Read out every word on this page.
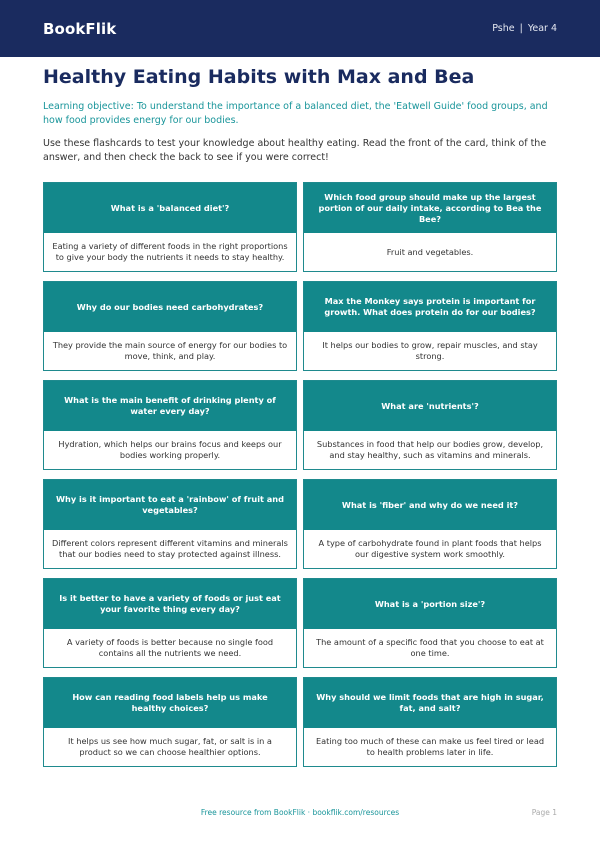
BookFlik	Pshe | Year 4
Healthy Eating Habits with Max and Bea

Learning objective: To understand the importance of a balanced diet, the 'Eatwell Guide' food groups, and how food provides energy for our bodies.

Use these flashcards to test your knowledge about healthy eating. Read the front of the card, think of the answer, and then check the back to see if you were correct!

What is a 'balanced diet'?
Eating a variety of different foods in the right proportions to give your body the nutrients it needs to stay healthy.
Which food group should make up the largest portion of our daily intake, according to Bea the Bee?
Fruit and vegetables.
Why do our bodies need carbohydrates?
They provide the main source of energy for our bodies to move, think, and play.
Max the Monkey says protein is important for growth. What does protein do for our bodies?
It helps our bodies to grow, repair muscles, and stay strong.
What is the main benefit of drinking plenty of water every day?
Hydration, which helps our brains focus and keeps our bodies working properly.
What are 'nutrients'?
Substances in food that help our bodies grow, develop, and stay healthy, such as vitamins and minerals.
Why is it important to eat a 'rainbow' of fruit and vegetables?
Different colors represent different vitamins and minerals that our bodies need to stay protected against illness.
What is 'fiber' and why do we need it?
A type of carbohydrate found in plant foods that helps our digestive system work smoothly.
Is it better to have a variety of foods or just eat your favorite thing every day?
A variety of foods is better because no single food contains all the nutrients we need.
What is a 'portion size'?
The amount of a specific food that you choose to eat at one time.
How can reading food labels help us make healthy choices?
It helps us see how much sugar, fat, or salt is in a product so we can choose healthier options.
Why should we limit foods that are high in sugar, fat, and salt?
Eating too much of these can make us feel tired or lead to health problems later in life.
Free resource from BookFlik · bookflik.com/resources	Page 1
